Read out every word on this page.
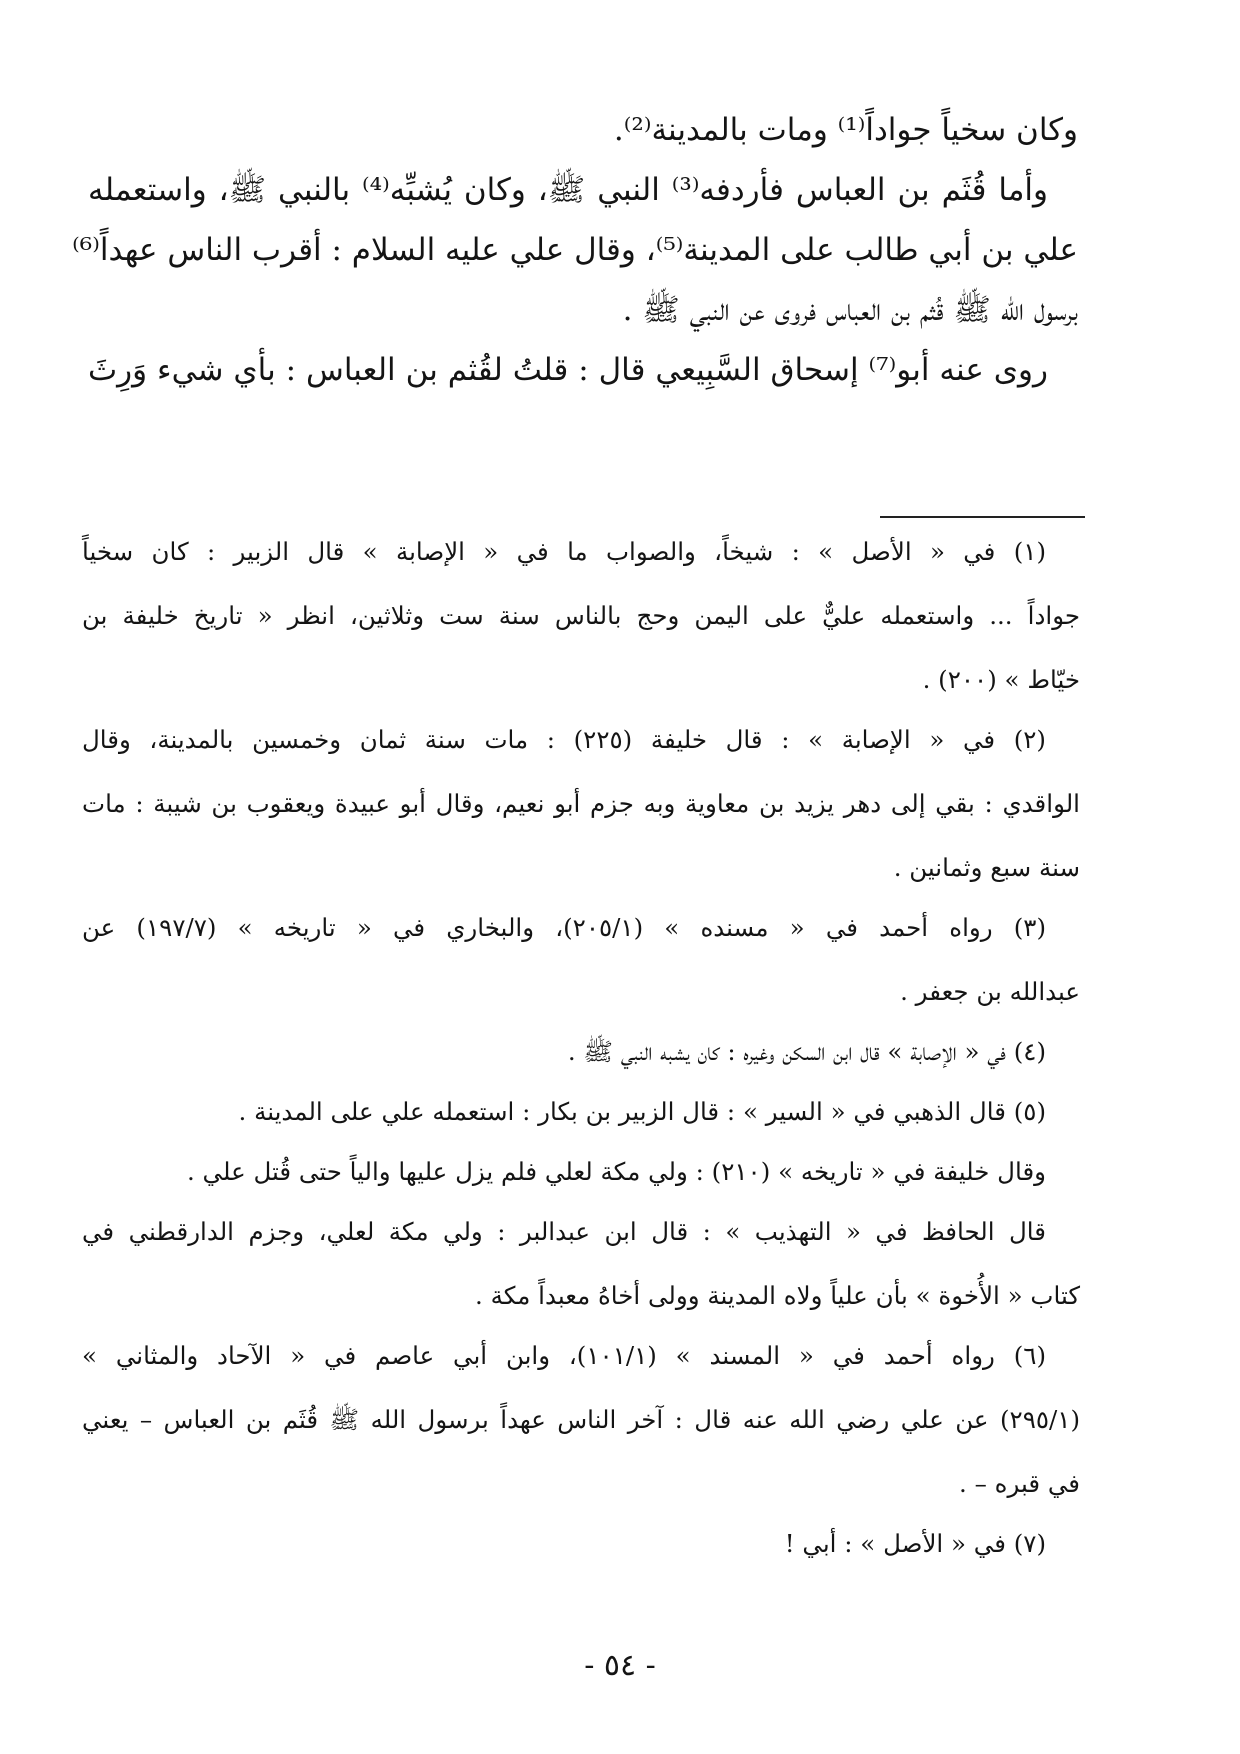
وكان سخياً جواداً⁽¹⁾ ومات بالمدينة⁽²⁾.

وأما قُثَم بن العباس فأردفه⁽³⁾ النبي ﷺ، وكان يُشبِّه⁽⁴⁾ بالنبي ﷺ، واستعمله

علي بن أبي طالب على المدينة⁽⁵⁾، وقال علي عليه السلام : أقرب الناس عهداً⁽⁶⁾

برسول الله ﷺ قُثم بن العباس فروى عن النبي ﷺ .

روى عنه أبو⁽⁷⁾ إسحاق السَّبِيعي قال : قلتُ لقُثم بن العباس : بأي شيء وَرِثَ

(١) في « الأصل » : شيخاً، والصواب ما في « الإصابة » قال الزبير : كان سخياً

جواداً ... واستعمله عليٌّ على اليمن وحج بالناس سنة ست وثلاثين، انظر « تاريخ خليفة بن

خيّاط » (٢٠٠) .

(٢) في « الإصابة » : قال خليفة (٢٢٥) : مات سنة ثمان وخمسين بالمدينة، وقال

الواقدي : بقي إلى دهر يزيد بن معاوية وبه جزم أبو نعيم، وقال أبو عبيدة ويعقوب بن شيبة : مات

سنة سبع وثمانين .

(٣) رواه أحمد في « مسنده » (٢٠٥/١)، والبخاري في « تاريخه » (١٩٧/٧) عن

عبدالله بن جعفر .

(٤) في « الإصابة » قال ابن السكن وغيره : كان يشبه النبي ﷺ .

(٥) قال الذهبي في « السير » : قال الزبير بن بكار : استعمله علي على المدينة .

وقال خليفة في « تاريخه » (٢١٠) : ولي مكة لعلي فلم يزل عليها والياً حتى قُتل علي .

قال الحافظ في « التهذيب » : قال ابن عبدالبر : ولي مكة لعلي، وجزم الدارقطني في

كتاب « الأُخوة » بأن علياً ولاه المدينة وولى أخاهُ معبداً مكة .

(٦) رواه أحمد في « المسند » (١٠١/١)، وابن أبي عاصم في « الآحاد والمثاني »

(٢٩٥/١) عن علي رضي الله عنه قال : آخر الناس عهداً برسول الله ﷺ قُثَم بن العباس – يعني

في قبره – .

(٧) في « الأصل » : أبي !

- ٥٤ -
